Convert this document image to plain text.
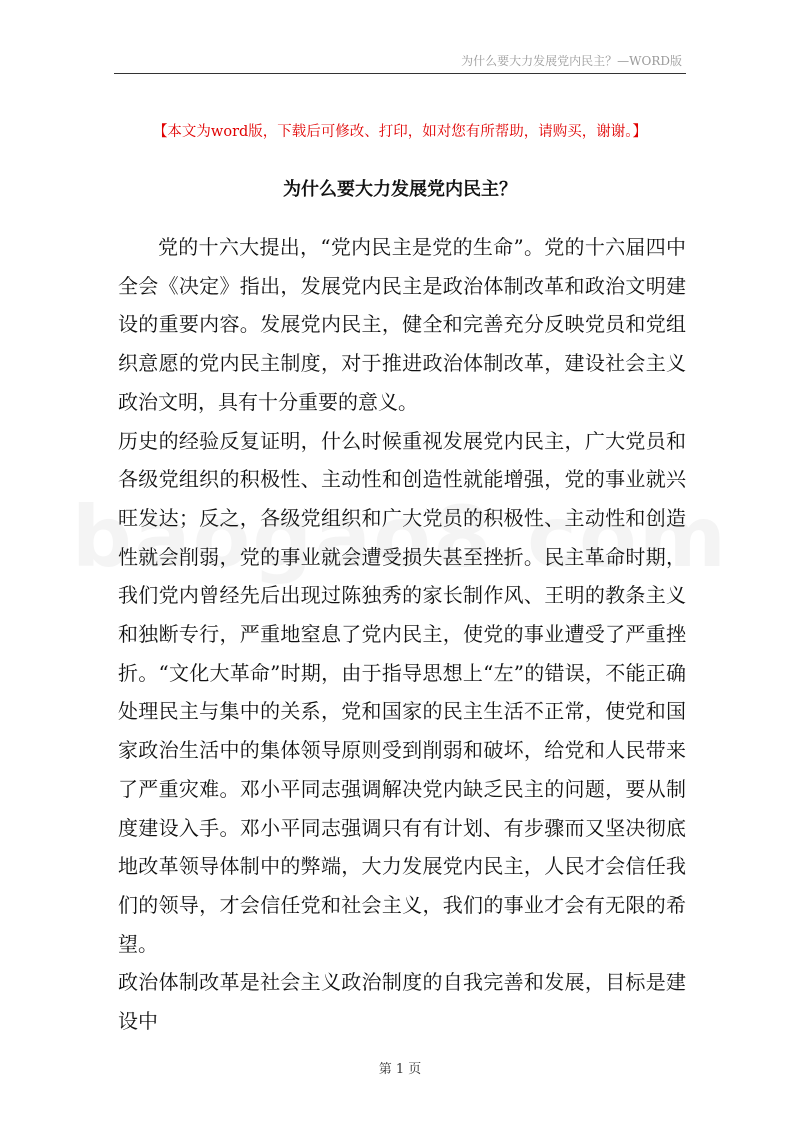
为什么要大力发展党内民主？—WORD版
【本文为word版，下载后可修改、打印，如对您有所帮助，请购买，谢谢。】
为什么要大力发展党内民主？

党的十六大提出，“党内民主是党的生命”。党的十六届四中全会《决定》指出，发展党内民主是政治体制改革和政治文明建设的重要内容。发展党内民主，健全和完善充分反映党员和党组织意愿的党内民主制度，对于推进政治体制改革，建设社会主义政治文明，具有十分重要的意义。

历史的经验反复证明，什么时候重视发展党内民主，广大党员和各级党组织的积极性、主动性和创造性就能增强，党的事业就兴旺发达；反之，各级党组织和广大党员的积极性、主动性和创造性就会削弱，党的事业就会遭受损失甚至挫折。民主革命时期，我们党内曾经先后出现过陈独秀的家长制作风、王明的教条主义和独断专行，严重地窒息了党内民主，使党的事业遭受了严重挫折。“文化大革命”时期，由于指导思想上“左”的错误，不能正确处理民主与集中的关系，党和国家的民主生活不正常，使党和国家政治生活中的集体领导原则受到削弱和破坏，给党和人民带来了严重灾难。邓小平同志强调解决党内缺乏民主的问题，要从制度建设入手。邓小平同志强调只有有计划、有步骤而又坚决彻底地改革领导体制中的弊端，大力发展党内民主，人民才会信任我们的领导，才会信任党和社会主义，我们的事业才会有无限的希望。

政治体制改革是社会主义政治制度的自我完善和发展，目标是建设中

第 1 页
